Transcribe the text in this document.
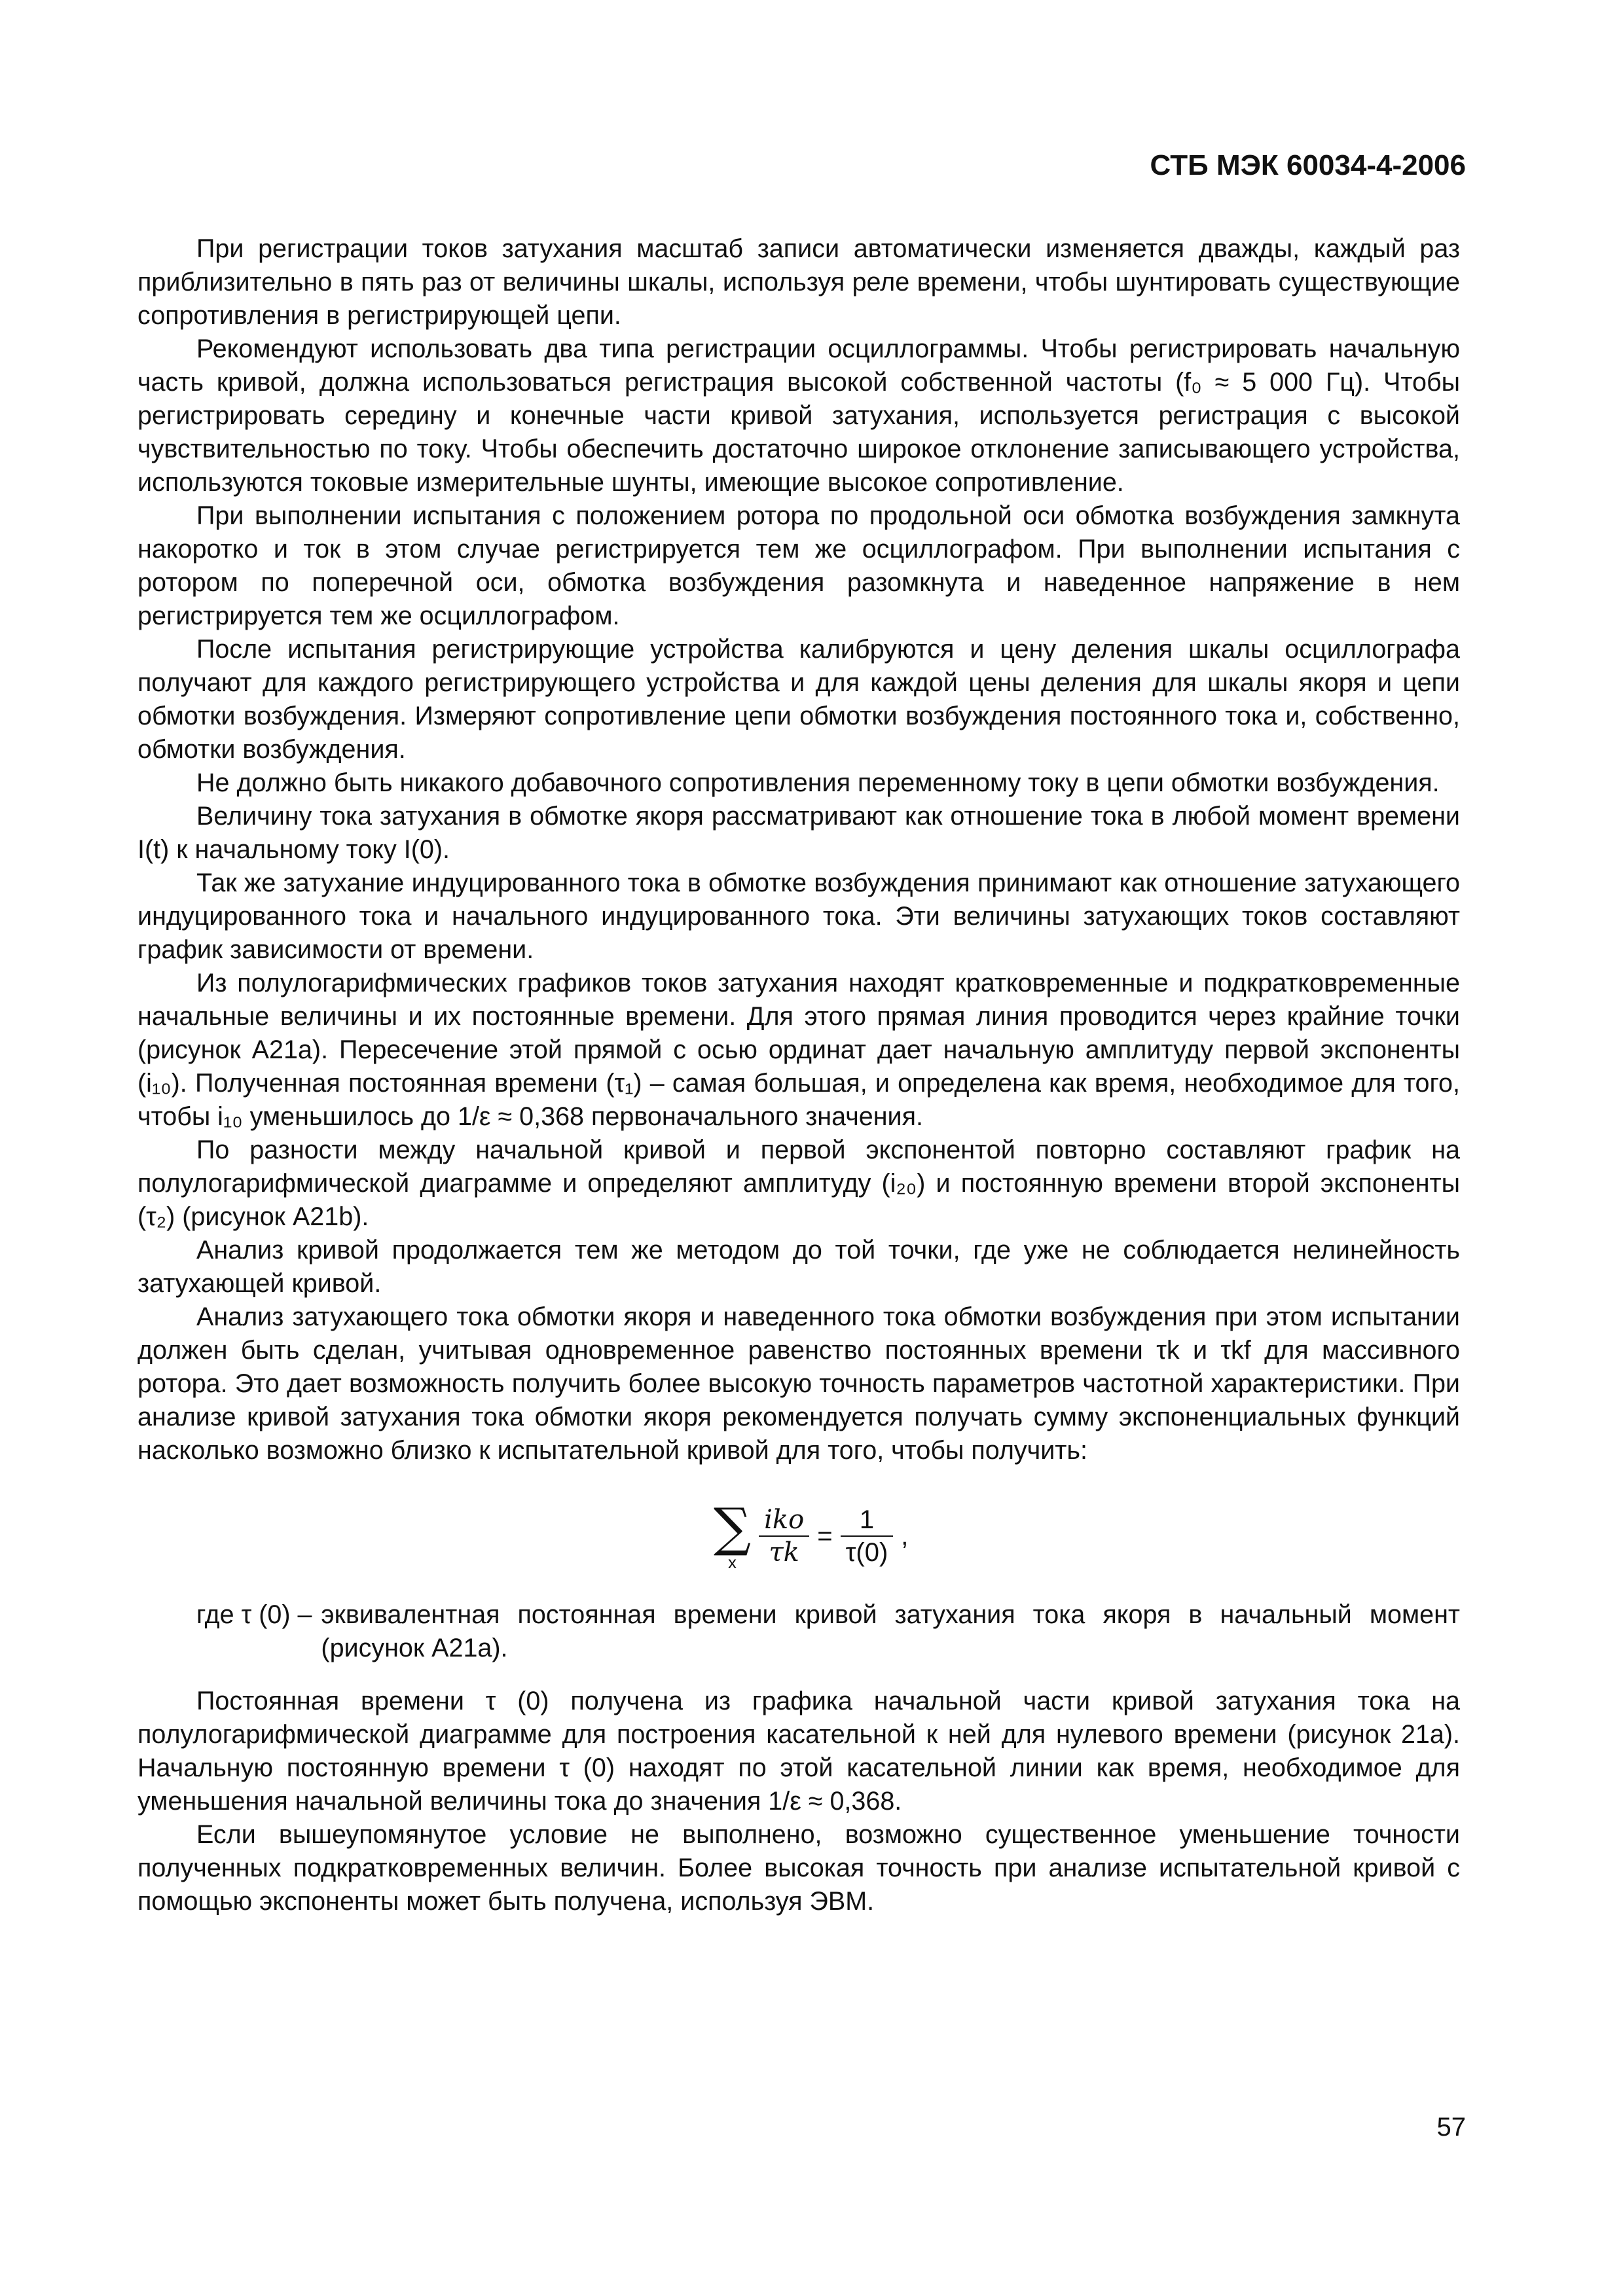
СТБ МЭК 60034-4-2006

При регистрации токов затухания масштаб записи автоматически изменяется дважды, каждый раз приблизительно в пять раз от величины шкалы, используя реле времени, чтобы шунтировать существующие сопротивления в регистрирующей цепи.

Рекомендуют использовать два типа регистрации осциллограммы. Чтобы регистрировать начальную часть кривой, должна использоваться регистрация высокой собственной частоты (f₀ ≈ 5 000 Гц). Чтобы регистрировать середину и конечные части кривой затухания, используется регистрация с высокой чувствительностью по току. Чтобы обеспечить достаточно широкое отклонение записывающего устройства, используются токовые измерительные шунты, имеющие высокое сопротивление.

При выполнении испытания с положением ротора по продольной оси обмотка возбуждения замкнута накоротко и ток в этом случае регистрируется тем же осциллографом. При выполнении испытания с ротором по поперечной оси, обмотка возбуждения разомкнута и наведенное напряжение в нем регистрируется тем же осциллографом.

После испытания регистрирующие устройства калибруются и цену деления шкалы осциллографа получают для каждого регистрирующего устройства и для каждой цены деления для шкалы якоря и цепи обмотки возбуждения. Измеряют сопротивление цепи обмотки возбуждения постоянного тока и, собственно, обмотки возбуждения.

Не должно быть никакого добавочного сопротивления переменному току в цепи обмотки возбуждения.

Величину тока затухания в обмотке якоря рассматривают как отношение тока в любой момент времени I(t) к начальному току I(0).

Так же затухание индуцированного тока в обмотке возбуждения принимают как отношение затухающего индуцированного тока и начального индуцированного тока. Эти величины затухающих токов составляют график зависимости от времени.

Из полулогарифмических графиков токов затухания находят кратковременные и подкратковременные начальные величины и их постоянные времени. Для этого прямая линия проводится через крайние точки (рисунок А21а). Пересечение этой прямой с осью ординат дает начальную амплитуду первой экспоненты (i₁₀). Полученная постоянная времени (τ₁) – самая большая, и определена как время, необходимое для того, чтобы i₁₀ уменьшилось до 1/ε ≈ 0,368 первоначального значения.

По разности между начальной кривой и первой экспонентой повторно составляют график на полулогарифмической диаграмме и определяют амплитуду (i₂₀) и постоянную времени второй экспоненты (τ₂) (рисунок А21b).

Анализ кривой продолжается тем же методом до той точки, где уже не соблюдается нелинейность затухающей кривой.

Анализ затухающего тока обмотки якоря и наведенного тока обмотки возбуждения при этом испытании должен быть сделан, учитывая одновременное равенство постоянных времени τk и τkf для массивного ротора. Это дает возможность получить более высокую точность параметров частотной характеристики. При анализе кривой затухания тока обмотки якоря рекомендуется получать сумму экспоненциальных функций насколько возможно близко к испытательной кривой для того, чтобы получить:

∑
x $\frac{\text{iko}}{\tau k} = \frac{1}{\tau(0)}$ ,
где τ (0) – эквивалентная постоянная времени кривой затухания тока якоря в начальный момент (рисунок А21а).

Постоянная времени τ (0) получена из графика начальной части кривой затухания тока на полулогарифмической диаграмме для построения касательной к ней для нулевого времени (рисунок 21а). Начальную постоянную времени τ (0) находят по этой касательной линии как время, необходимое для уменьшения начальной величины тока до значения 1/ε ≈ 0,368.

Если вышеупомянутое условие не выполнено, возможно существенное уменьшение точности полученных подкратковременных величин. Более высокая точность при анализе испытательной кривой с помощью экспоненты может быть получена, используя ЭВМ.

57
